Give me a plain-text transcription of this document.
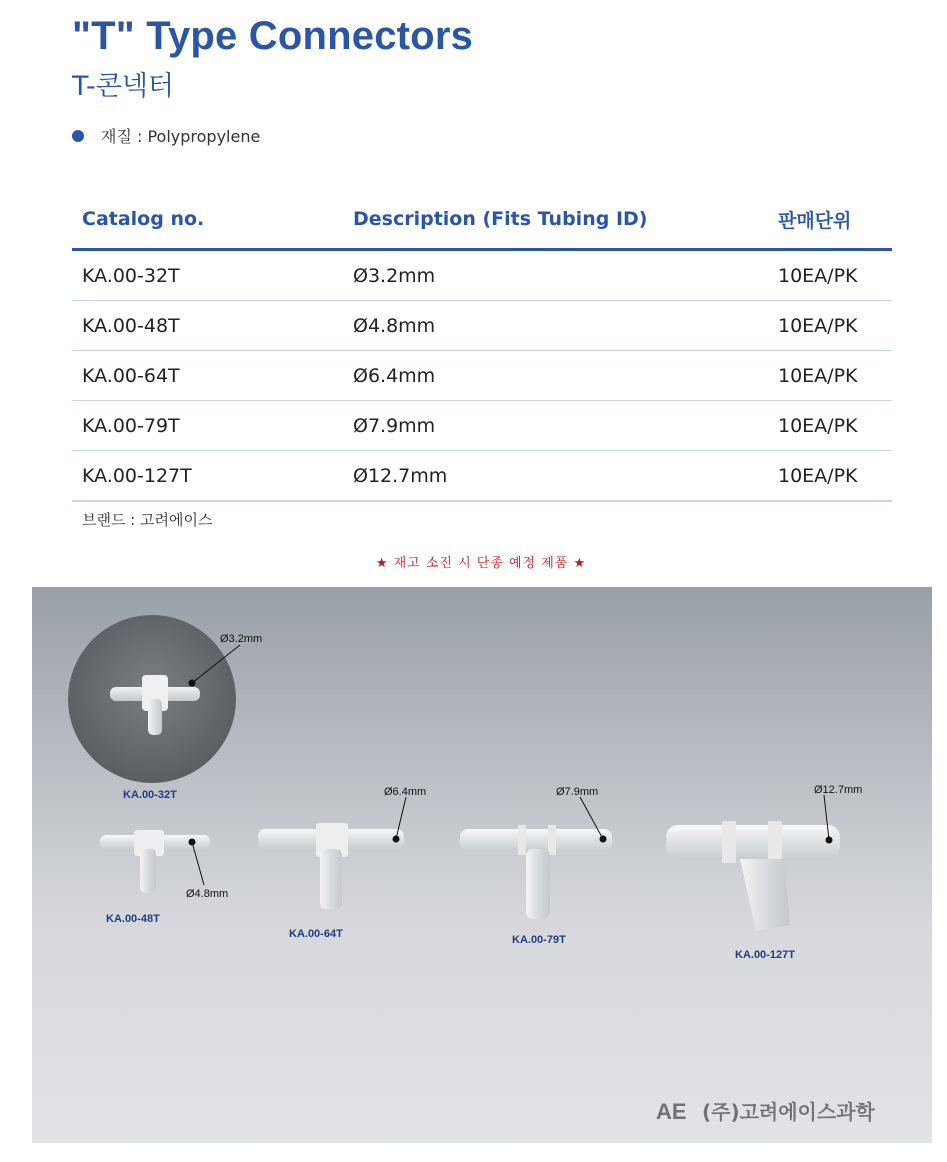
"T" Type Connectors
T-콘넥터
재질 : Polypropylene
Catalog no.	Description (Fits Tubing ID)	판매단위
KA.00-32T	Ø3.2mm	10EA/PK
KA.00-48T	Ø4.8mm	10EA/PK
KA.00-64T	Ø6.4mm	10EA/PK
KA.00-79T	Ø7.9mm	10EA/PK
KA.00-127T	Ø12.7mm	10EA/PK
브랜드 : 고려에이스
★ 재고 소진 시 단종 예정 제품 ★
Ø3.2mm
Ø4.8mm
Ø6.4mm	Ø7.9mm	Ø12.7mm
KA.00-32T
KA.00-48T
KA.00-64T	KA.00-79T
KA.00-127T
AE (주)고려에이스과학
